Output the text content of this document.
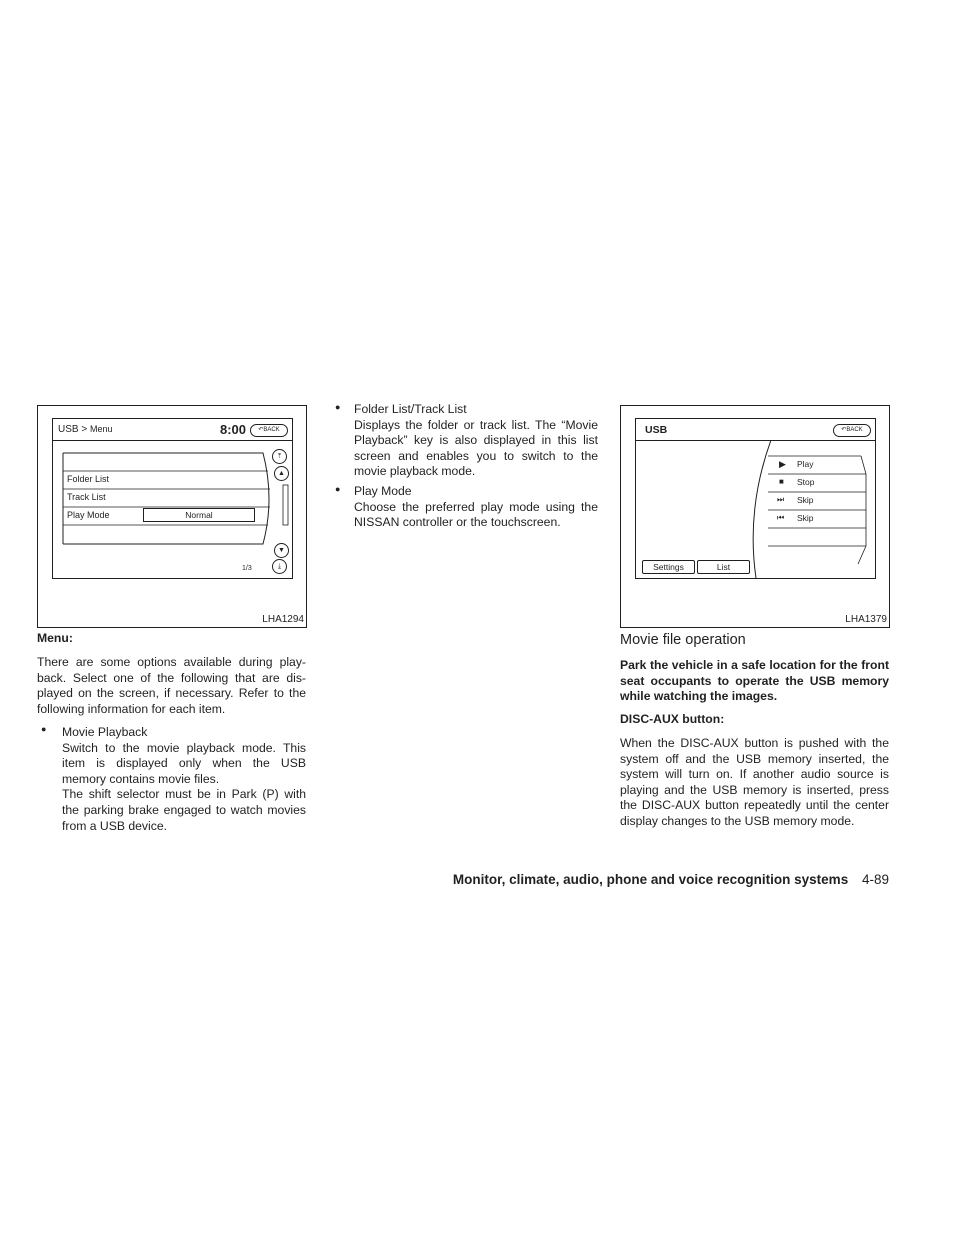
USB > Menu	8:00	↶BACK
Folder List
Track List
Play Mode	Normal
⤒
▲
▼
⤓
1/3
LHA1294
Menu:

There are some options available during play-back. Select one of the following that are dis-played on the screen, if necessary. Refer to the following information for each item.

● Movie Playback

Switch to the movie playback mode. This item is displayed only when the USB memory contains movie files.

The shift selector must be in Park (P) with the parking brake engaged to watch movies from a USB device.

● Folder List/Track List

Displays the folder or track list. The “Movie Playback” key is also displayed in this list screen and enables you to switch to the movie playback mode.

● Play Mode

Choose the preferred play mode using the NISSAN controller or the touchscreen.

USB	↶BACK
▶ Play
■ Stop
⏭ Skip
⏮ Skip
Settings	List
LHA1379
Movie file operation

Park the vehicle in a safe location for the front seat occupants to operate the USB memory while watching the images.

DISC-AUX button:

When the DISC-AUX button is pushed with the system off and the USB memory inserted, the system will turn on. If another audio source is playing and the USB memory is inserted, press the DISC-AUX button repeatedly until the center display changes to the USB memory mode.

Monitor, climate, audio, phone and voice recognition systems 4-89
